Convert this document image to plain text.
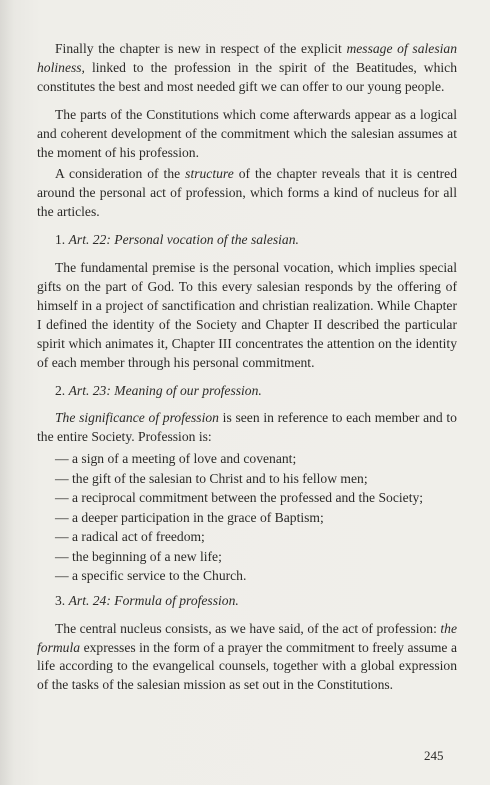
Finally the chapter is new in respect of the explicit message of salesian holiness, linked to the profession in the spirit of the Beatitudes, which constitutes the best and most needed gift we can offer to our young people.

The parts of the Constitutions which come afterwards appear as a logical and coherent development of the commitment which the salesian assumes at the moment of his profession.

A consideration of the structure of the chapter reveals that it is centred around the personal act of profession, which forms a kind of nucleus for all the articles.

1. Art. 22: Personal vocation of the salesian.

The fundamental premise is the personal vocation, which implies special gifts on the part of God. To this every salesian responds by the offering of himself in a project of sanctification and christian realization. While Chapter I defined the identity of the Society and Chapter II described the particular spirit which animates it, Chapter III concentrates the attention on the identity of each member through his personal commitment.

2. Art. 23: Meaning of our profession.

The significance of profession is seen in reference to each member and to the entire Society. Profession is:

— a sign of a meeting of love and covenant;
— the gift of the salesian to Christ and to his fellow men;
— a reciprocal commitment between the professed and the Society;
— a deeper participation in the grace of Baptism;
— a radical act of freedom;
— the beginning of a new life;
— a specific service to the Church.
3. Art. 24: Formula of profession.

The central nucleus consists, as we have said, of the act of profession: the formula expresses in the form of a prayer the commitment to freely assume a life according to the evangelical counsels, together with a global expression of the tasks of the salesian mission as set out in the Constitutions.

245
